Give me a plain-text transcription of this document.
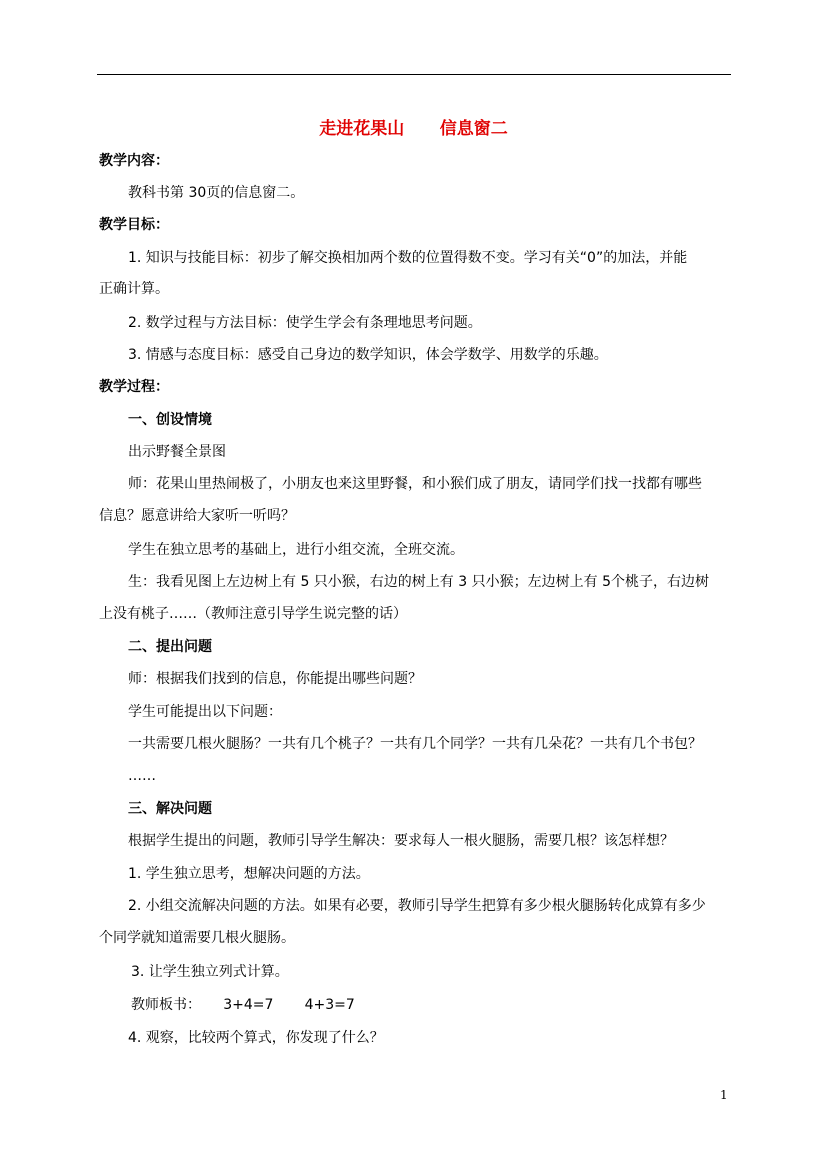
走进花果山      信息窗二
教学内容：
教科书第 30页的信息窗二。
教学目标：
1. 知识与技能目标：初步了解交换相加两个数的位置得数不变。学习有关“0”的加法，并能
正确计算。
2. 数学过程与方法目标：使学生学会有条理地思考问题。
3. 情感与态度目标：感受自己身边的数学知识，体会学数学、用数学的乐趣。
教学过程：
一、创设情境
出示野餐全景图
师：花果山里热闹极了，小朋友也来这里野餐，和小猴们成了朋友，请同学们找一找都有哪些
信息？愿意讲给大家听一听吗？
学生在独立思考的基础上，进行小组交流，全班交流。
生：我看见图上左边树上有 5 只小猴，右边的树上有 3 只小猴；左边树上有 5个桃子，右边树
上没有桃子……（教师注意引导学生说完整的话）
二、提出问题
师：根据我们找到的信息，你能提出哪些问题？
学生可能提出以下问题：
一共需要几根火腿肠？一共有几个桃子？一共有几个同学？一共有几朵花？一共有几个书包？
……
三、解决问题
根据学生提出的问题，教师引导学生解决：要求每人一根火腿肠，需要几根？该怎样想？
1. 学生独立思考，想解决问题的方法。
2. 小组交流解决问题的方法。如果有必要，教师引导学生把算有多少根火腿肠转化成算有多少
个同学就知道需要几根火腿肠。
3. 让学生独立列式计算。
教师板书：     3+4=7       4+3=7
4. 观察，比较两个算式，你发现了什么？
1
